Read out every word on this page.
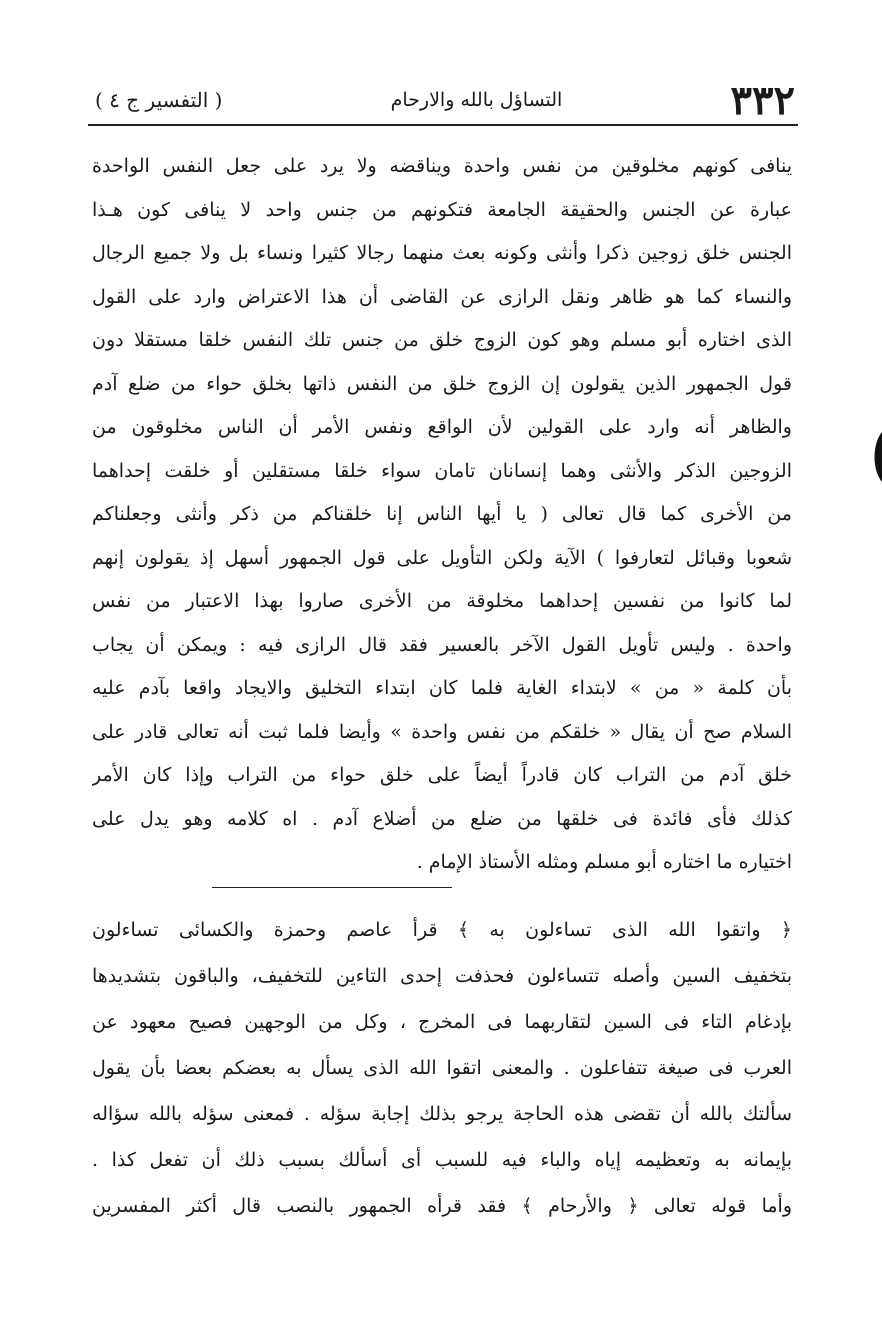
٣٣٢
التساؤل بالله والارحام
( التفسير ج ٤ )
ينافى كونهم مخلوقين من نفس واحدة ويناقضه ولا يرد على جعل النفس الواحدة
عبارة عن الجنس والحقيقة الجامعة فتكونهم من جنس واحد لا ينافى كون هـذا
الجنس خلق زوجين ذكرا وأنثى وكونه بعث منهما رجالا كثيرا ونساء بل ولا جميع الرجال
والنساء كما هو ظاهر ونقل الرازى عن القاضى أن هذا الاعتراض وارد على القول
الذى اختاره أبو مسلم وهو كون الزوج خلق من جنس تلك النفس خلقا مستقلا دون
قول الجمهور الذين يقولون إن الزوج خلق من النفس ذاتها بخلق حواء من ضلع آدم
والظاهر أنه وارد على القولين لأن الواقع ونفس الأمر أن الناس مخلوقون من
الزوجين الذكر والأنثى وهما إنسانان تامان سواء خلقا مستقلين أو خلقت إحداهما
من الأخرى كما قال تعالى ( يا أيها الناس إنا خلقناكم من ذكر وأنثى وجعلناكم
شعوبا وقبائل لتعارفوا ) الآية ولكن التأويل على قول الجمهور أسهل إذ يقولون إنهم
لما كانوا من نفسين إحداهما مخلوقة من الأخرى صاروا بهذا الاعتبار من نفس
واحدة . وليس تأويل القول الآخر بالعسير فقد قال الرازى فيه : ويمكن أن يجاب
بأن كلمة « من » لابتداء الغاية فلما كان ابتداء التخليق والايجاد واقعا بآدم عليه
السلام صح أن يقال « خلقكم من نفس واحدة » وأيضا فلما ثبت أنه تعالى قادر على
خلق آدم من التراب كان قادراً أيضاً على خلق حواء من التراب وإذا كان الأمر
كذلك فأى فائدة فى خلقها من ضلع من أضلاع آدم . اه كلامه وهو يدل على
اختياره ما اختاره أبو مسلم ومثله الأستاذ الإمام .
﴿ واتقوا الله الذى تساءلون به ﴾ قرأ عاصم وحمزة والكسائى تساءلون
بتخفيف السين وأصله تتساءلون فحذفت إحدى التاءين للتخفيف، والباقون بتشديدها
بإدغام التاء فى السين لتقاربهما فى المخرج ، وكل من الوجهين فصيح معهود عن
العرب فى صيغة تتفاعلون . والمعنى اتقوا الله الذى يسأل به بعضكم بعضا بأن يقول
سألتك بالله أن تقضى هذه الحاجة يرجو بذلك إجابة سؤله . فمعنى سؤله بالله سؤاله
بإيمانه به وتعظيمه إياه والباء فيه للسبب أى أسألك بسبب ذلك أن تفعل كذا .
وأما قوله تعالى ﴿ والأرحام ﴾ فقد قرأه الجمهور بالنصب قال أكثر المفسرين
